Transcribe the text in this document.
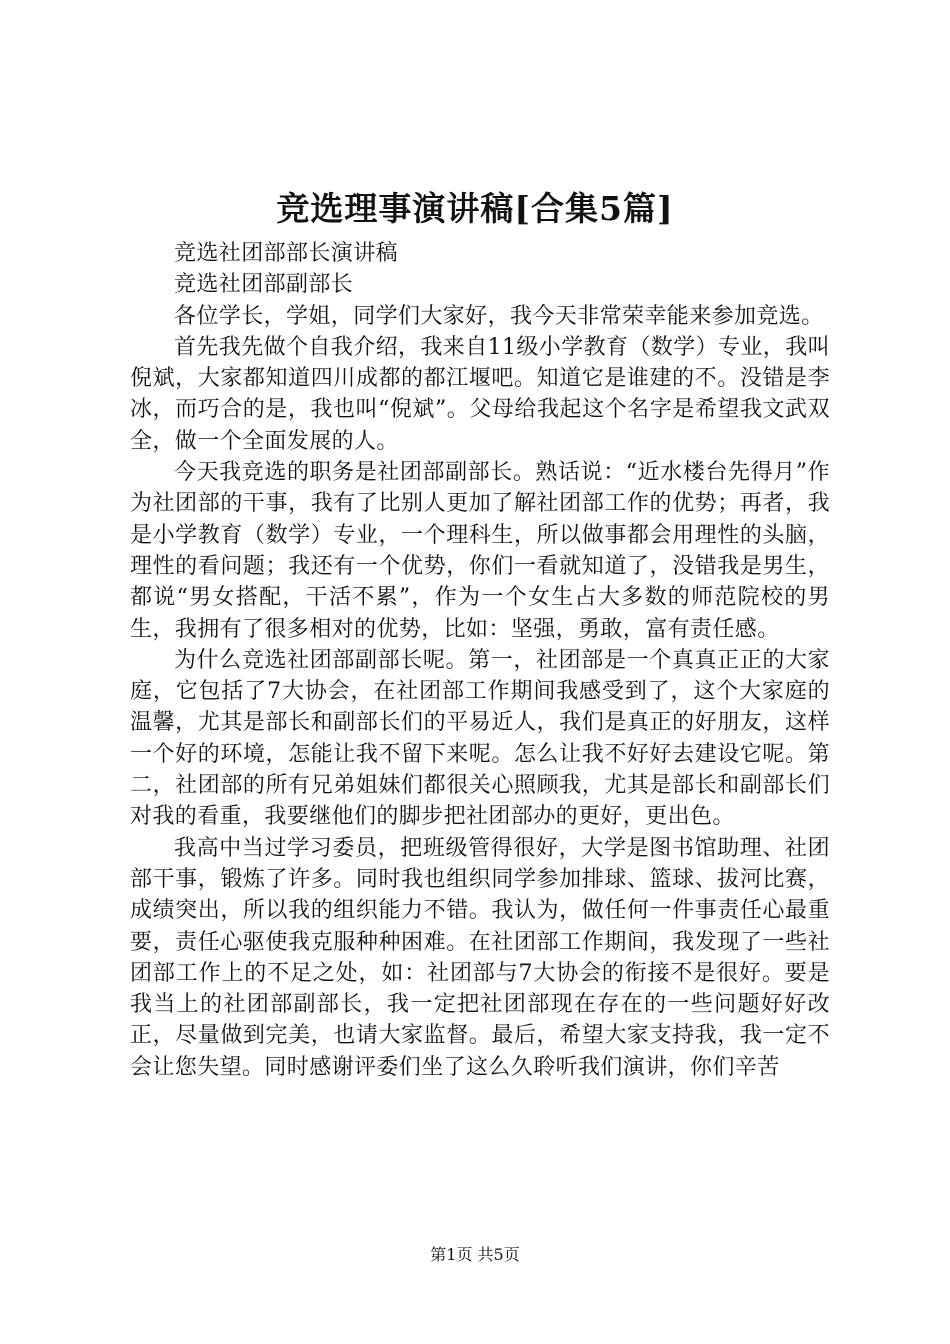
竞选理事演讲稿[合集5篇]

竞选社团部部长演讲稿

竞选社团部副部长

各位学长，学姐，同学们大家好，我今天非常荣幸能来参加竞选。

首先我先做个自我介绍，我来自11级小学教育（数学）专业，我叫倪斌，大家都知道四川成都的都江堰吧。知道它是谁建的不。没错是李冰，而巧合的是，我也叫“倪斌”。父母给我起这个名字是希望我文武双全，做一个全面发展的人。

今天我竞选的职务是社团部副部长。熟话说：“近水楼台先得月”作为社团部的干事，我有了比别人更加了解社团部工作的优势；再者，我是小学教育（数学）专业，一个理科生，所以做事都会用理性的头脑，理性的看问题；我还有一个优势，你们一看就知道了，没错我是男生，都说“男女搭配，干活不累”，作为一个女生占大多数的师范院校的男生，我拥有了很多相对的优势，比如：坚强，勇敢，富有责任感。

为什么竞选社团部副部长呢。第一，社团部是一个真真正正的大家庭，它包括了7大协会，在社团部工作期间我感受到了，这个大家庭的温馨，尤其是部长和副部长们的平易近人，我们是真正的好朋友，这样一个好的环境，怎能让我不留下来呢。怎么让我不好好去建设它呢。第二，社团部的所有兄弟姐妹们都很关心照顾我，尤其是部长和副部长们对我的看重，我要继他们的脚步把社团部办的更好，更出色。

我高中当过学习委员，把班级管得很好，大学是图书馆助理、社团部干事，锻炼了许多。同时我也组织同学参加排球、篮球、拔河比赛，成绩突出，所以我的组织能力不错。我认为，做任何一件事责任心最重要，责任心驱使我克服种种困难。在社团部工作期间，我发现了一些社团部工作上的不足之处，如：社团部与7大协会的衔接不是很好。要是我当上的社团部副部长，我一定把社团部现在存在的一些问题好好改正，尽量做到完美，也请大家监督。最后，希望大家支持我，我一定不会让您失望。同时感谢评委们坐了这么久聆听我们演讲，你们辛苦

第1页 共5页
